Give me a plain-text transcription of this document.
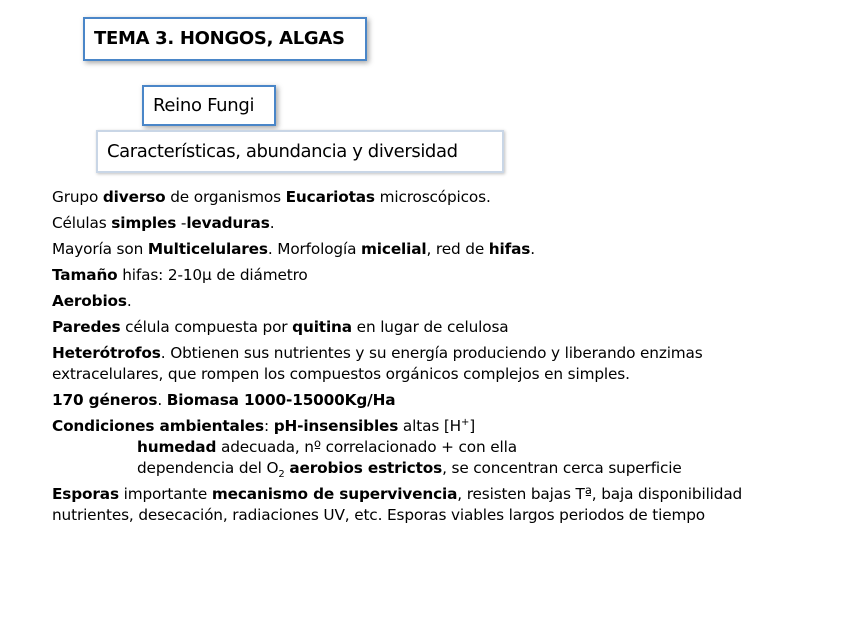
TEMA 3. HONGOS, ALGAS
Reino Fungi
Características, abundancia y diversidad
Grupo diverso de organismos Eucariotas microscópicos.
Células simples -levaduras.
Mayoría son Multicelulares. Morfología micelial, red de hifas.
Tamaño hifas: 2-10μ de diámetro
Aerobios.
Paredes célula compuesta por quitina en lugar de celulosa
Heterótrofos. Obtienen sus nutrientes y su energía produciendo y liberando enzimas
extracelulares, que rompen los compuestos orgánicos complejos en simples.
170 géneros. Biomasa 1000-15000Kg/Ha
Condiciones ambientales: pH-insensibles altas [H+]
humedad adecuada, nº correlacionado + con ella
dependencia del $O_2$ aerobios estrictos, se concentran cerca superficie
Esporas importante mecanismo de supervivencia, resisten bajas Tª, baja disponibilidad
nutrientes, desecación, radiaciones UV, etc. Esporas viables largos periodos de tiempo
